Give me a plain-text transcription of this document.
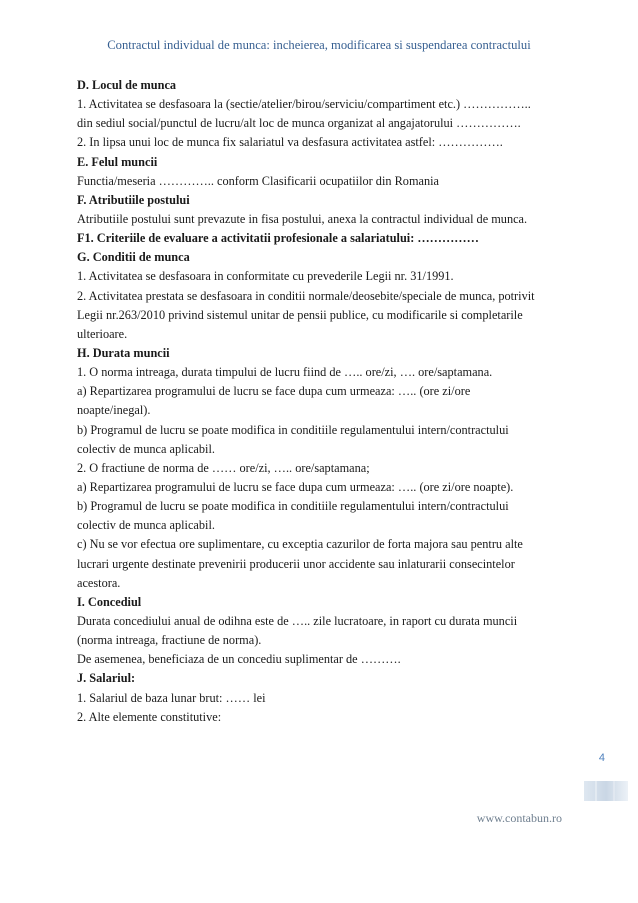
Contractul individual de munca: incheierea, modificarea si suspendarea contractului
D. Locul de munca
1. Activitatea se desfasoara la (sectie/atelier/birou/serviciu/compartiment etc.) ……………..
din sediul social/punctul de lucru/alt loc de munca organizat al angajatorului …………….
2. In lipsa unui loc de munca fix salariatul va desfasura activitatea astfel: …………….
E. Felul muncii
Functia/meseria ………….. conform Clasificarii ocupatiilor din Romania
F. Atributiile postului
Atributiile postului sunt prevazute in fisa postului, anexa la contractul individual de munca.
F1. Criteriile de evaluare a activitatii profesionale a salariatului: ……………
G. Conditii de munca
1. Activitatea se desfasoara in conformitate cu prevederile Legii nr. 31/1991.
2. Activitatea prestata se desfasoara in conditii normale/deosebite/speciale de munca, potrivit
Legii nr.263/2010 privind sistemul unitar de pensii publice, cu modificarile si completarile
ulterioare.
H. Durata muncii
1. O norma intreaga, durata timpului de lucru fiind de ….. ore/zi, …. ore/saptamana.
a) Repartizarea programului de lucru se face dupa cum urmeaza: ….. (ore zi/ore
noapte/inegal).
b) Programul de lucru se poate modifica in conditiile regulamentului intern/contractului
colectiv de munca aplicabil.
2. O fractiune de norma de …… ore/zi, ….. ore/saptamana;
a) Repartizarea programului de lucru se face dupa cum urmeaza: ….. (ore zi/ore noapte).
b) Programul de lucru se poate modifica in conditiile regulamentului intern/contractului
colectiv de munca aplicabil.
c) Nu se vor efectua ore suplimentare, cu exceptia cazurilor de forta majora sau pentru alte
lucrari urgente destinate prevenirii producerii unor accidente sau inlaturarii consecintelor
acestora.
I. Concediul
Durata concediului anual de odihna este de ….. zile lucratoare, in raport cu durata muncii
(norma intreaga, fractiune de norma).
De asemenea, beneficiaza de un concediu suplimentar de ……….
J. Salariul:
1. Salariul de baza lunar brut: …… lei
2. Alte elemente constitutive:
4
www.contabun.ro
